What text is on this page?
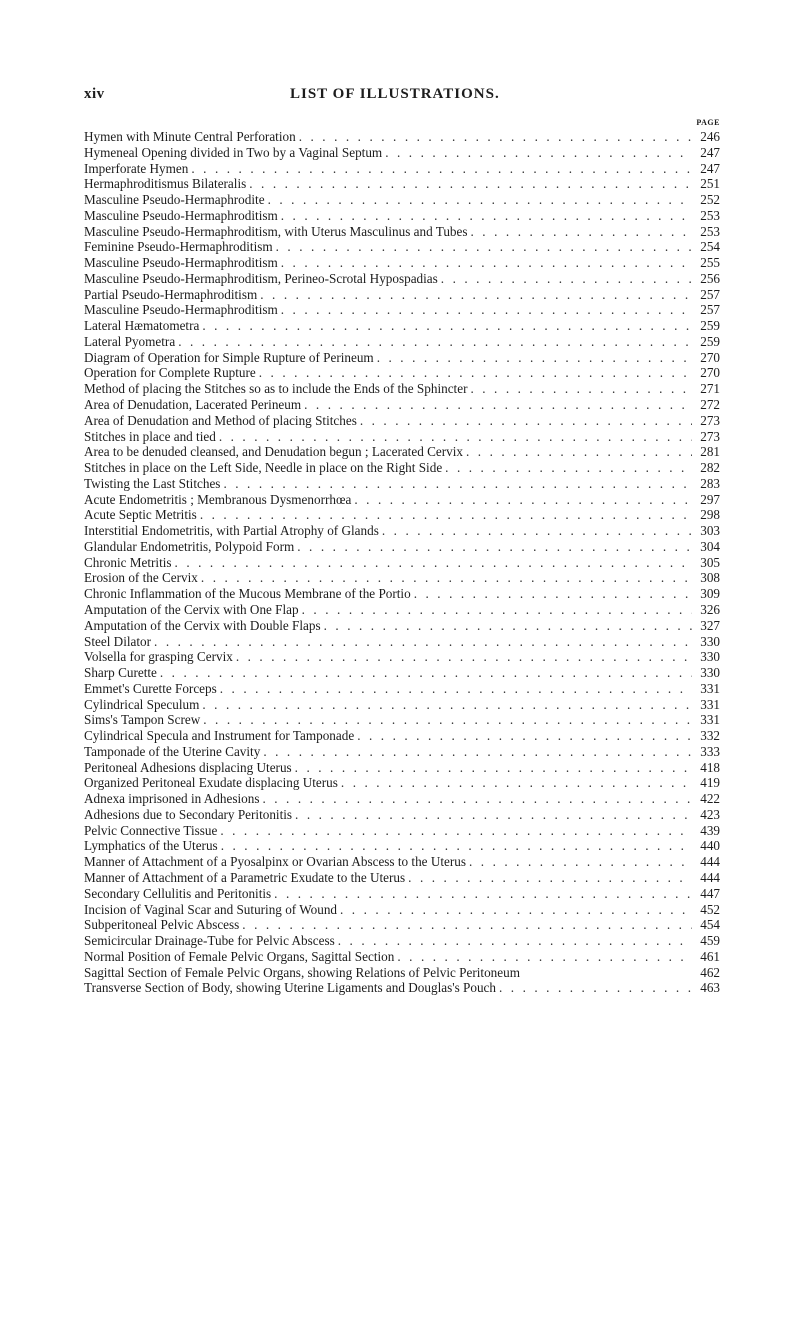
xiv	LIST OF ILLUSTRATIONS.
PAGE
Hymen with Minute Central Perforation . . .	246
Hymeneal Opening divided in Two by a Vaginal Septum . . .	247
Imperforate Hymen . . .	247
Hermaphroditismus Bilateralis . . .	251
Masculine Pseudo-Hermaphrodite . . .	252
Masculine Pseudo-Hermaphroditism . . .	253
Masculine Pseudo-Hermaphroditism, with Uterus Masculinus and Tubes . . .	253
Feminine Pseudo-Hermaphroditism . . .	254
Masculine Pseudo-Hermaphroditism . . .	255
Masculine Pseudo-Hermaphroditism, Perineo-Scrotal Hypospadias . . .	256
Partial Pseudo-Hermaphroditism . . .	257
Masculine Pseudo-Hermaphroditism . . .	257
Lateral Hæmatometra . . .	259
Lateral Pyometra . . .	259
Diagram of Operation for Simple Rupture of Perineum . . .	270
Operation for Complete Rupture . . .	270
Method of placing the Stitches so as to include the Ends of the Sphincter . . .	271
Area of Denudation, Lacerated Perineum . . .	272
Area of Denudation and Method of placing Stitches . . .	273
Stitches in place and tied . . .	273
Area to be denuded cleansed, and Denudation begun ; Lacerated Cervix . . .	281
Stitches in place on the Left Side, Needle in place on the Right Side . . .	282
Twisting the Last Stitches . . .	283
Acute Endometritis ; Membranous Dysmenorrhœa . . .	297
Acute Septic Metritis . . .	298
Interstitial Endometritis, with Partial Atrophy of Glands . . .	303
Glandular Endometritis, Polypoid Form . . .	304
Chronic Metritis . . .	305
Erosion of the Cervix . . .	308
Chronic Inflammation of the Mucous Membrane of the Portio . . .	309
Amputation of the Cervix with One Flap . . .	326
Amputation of the Cervix with Double Flaps . . .	327
Steel Dilator . . .	330
Volsella for grasping Cervix . . .	330
Sharp Curette . . .	330
Emmet's Curette Forceps . . .	331
Cylindrical Speculum . . .	331
Sims's Tampon Screw . . .	331
Cylindrical Specula and Instrument for Tamponade . . .	332
Tamponade of the Uterine Cavity . . .	333
Peritoneal Adhesions displacing Uterus . . .	418
Organized Peritoneal Exudate displacing Uterus . . .	419
Adnexa imprisoned in Adhesions . . .	422
Adhesions due to Secondary Peritonitis . . .	423
Pelvic Connective Tissue . . .	439
Lymphatics of the Uterus . . .	440
Manner of Attachment of a Pyosalpinx or Ovarian Abscess to the Uterus . . .	444
Manner of Attachment of a Parametric Exudate to the Uterus . . .	444
Secondary Cellulitis and Peritonitis . . .	447
Incision of Vaginal Scar and Suturing of Wound . . .	452
Subperitoneal Pelvic Abscess . . .	454
Semicircular Drainage-Tube for Pelvic Abscess . . .	459
Normal Position of Female Pelvic Organs, Sagittal Section . . .	461
Sagittal Section of Female Pelvic Organs, showing Relations of Pelvic Peritoneum	462
Transverse Section of Body, showing Uterine Ligaments and Douglas's Pouch . . .	463
